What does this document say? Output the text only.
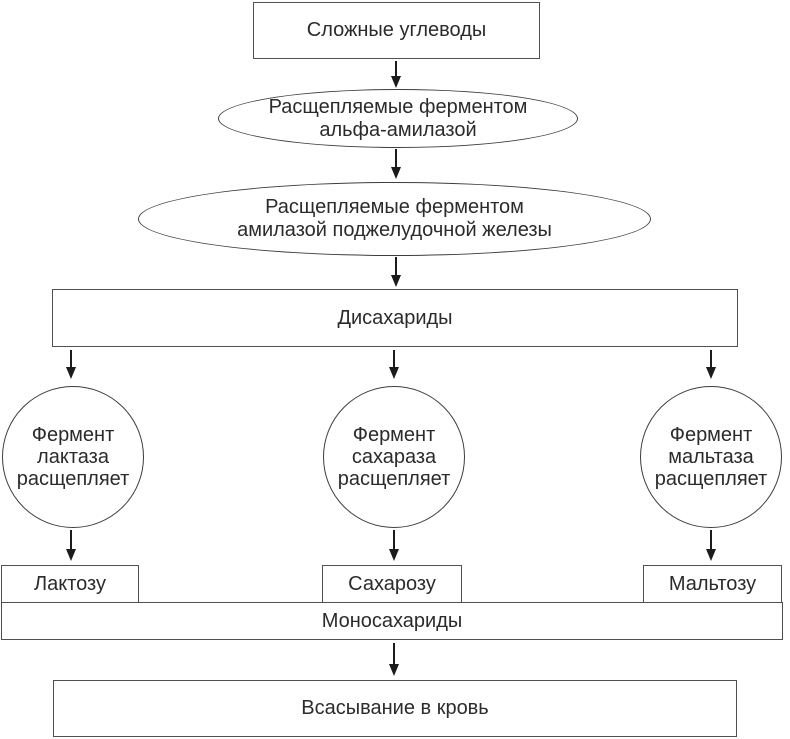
Сложные углеводы
Расщепляемые ферментом
альфа-амилазой
Расщепляемые ферментом
амилазой поджелудочной железы
Дисахариды
Фермент
лактаза
расщепляет
Фермент
сахараза
расщепляет
Фермент
мальтаза
расщепляет
Лактозу	Сахарозу	Мальтозу
Моносахариды
Всасывание в кровь
